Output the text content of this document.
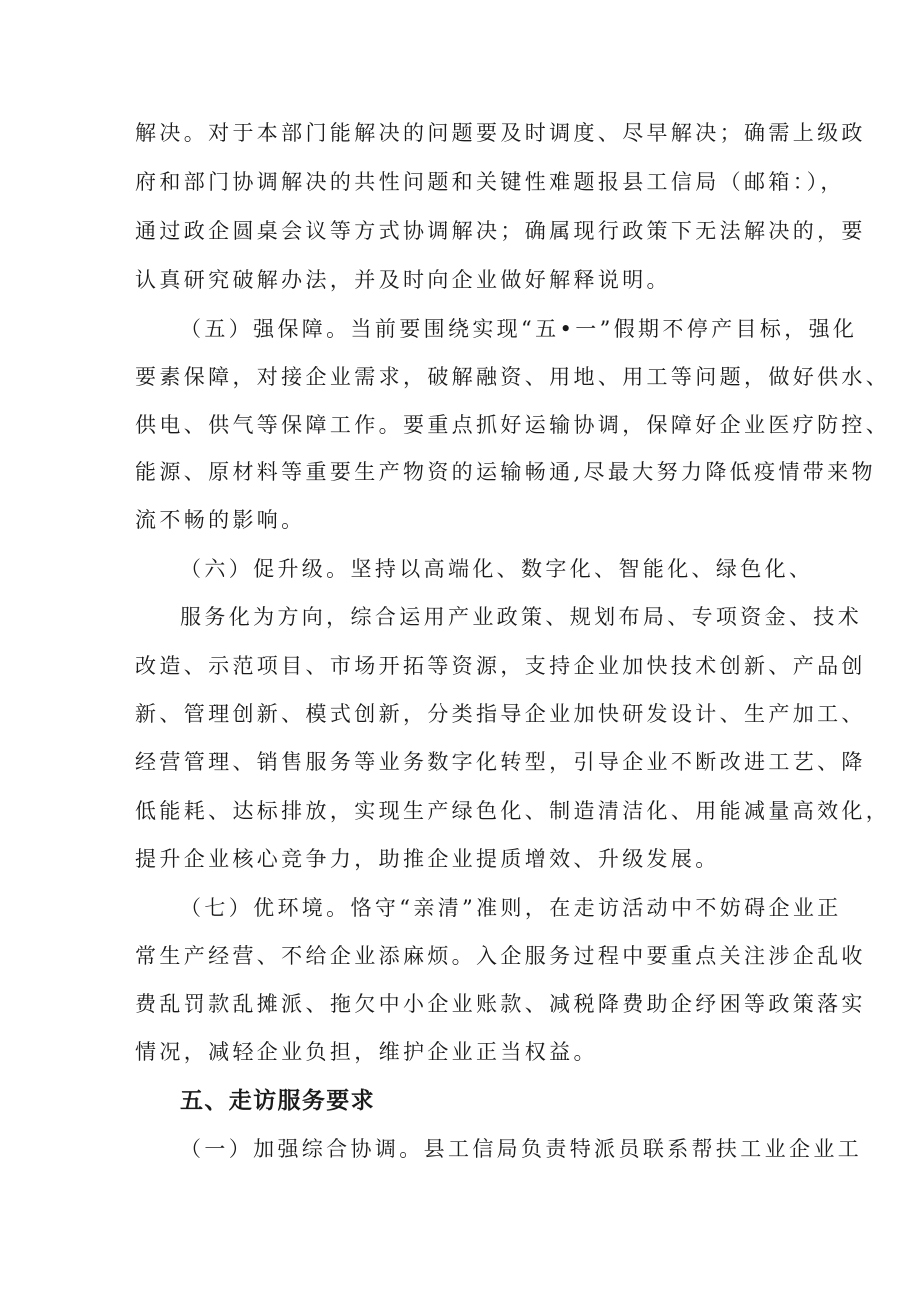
解决。对于本部门能解决的问题要及时调度、尽早解决；确需上级政
府和部门协调解决的共性问题和关键性难题报县工信局（邮箱：），
通过政企圆桌会议等方式协调解决；确属现行政策下无法解决的，要
认真研究破解办法，并及时向企业做好解释说明。
（五）强保障。当前要围绕实现“五•一”假期不停产目标，强化
要素保障，对接企业需求，破解融资、用地、用工等问题，做好供水、
供电、供气等保障工作。要重点抓好运输协调，保障好企业医疗防控、
能源、原材料等重要生产物资的运输畅通,尽最大努力降低疫情带来物
流不畅的影响。
（六）促升级。坚持以高端化、数字化、智能化、绿色化、
服务化为方向，综合运用产业政策、规划布局、专项资金、技术
改造、示范项目、市场开拓等资源，支持企业加快技术创新、产品创
新、管理创新、模式创新，分类指导企业加快研发设计、生产加工、
经营管理、销售服务等业务数字化转型，引导企业不断改进工艺、降
低能耗、达标排放，实现生产绿色化、制造清洁化、用能减量高效化，
提升企业核心竞争力，助推企业提质增效、升级发展。
（七）优环境。恪守“亲清”准则，在走访活动中不妨碍企业正
常生产经营、不给企业添麻烦。入企服务过程中要重点关注涉企乱收
费乱罚款乱摊派、拖欠中小企业账款、减税降费助企纾困等政策落实
情况，减轻企业负担，维护企业正当权益。
五、走访服务要求
（一）加强综合协调。县工信局负责特派员联系帮扶工业企业工
